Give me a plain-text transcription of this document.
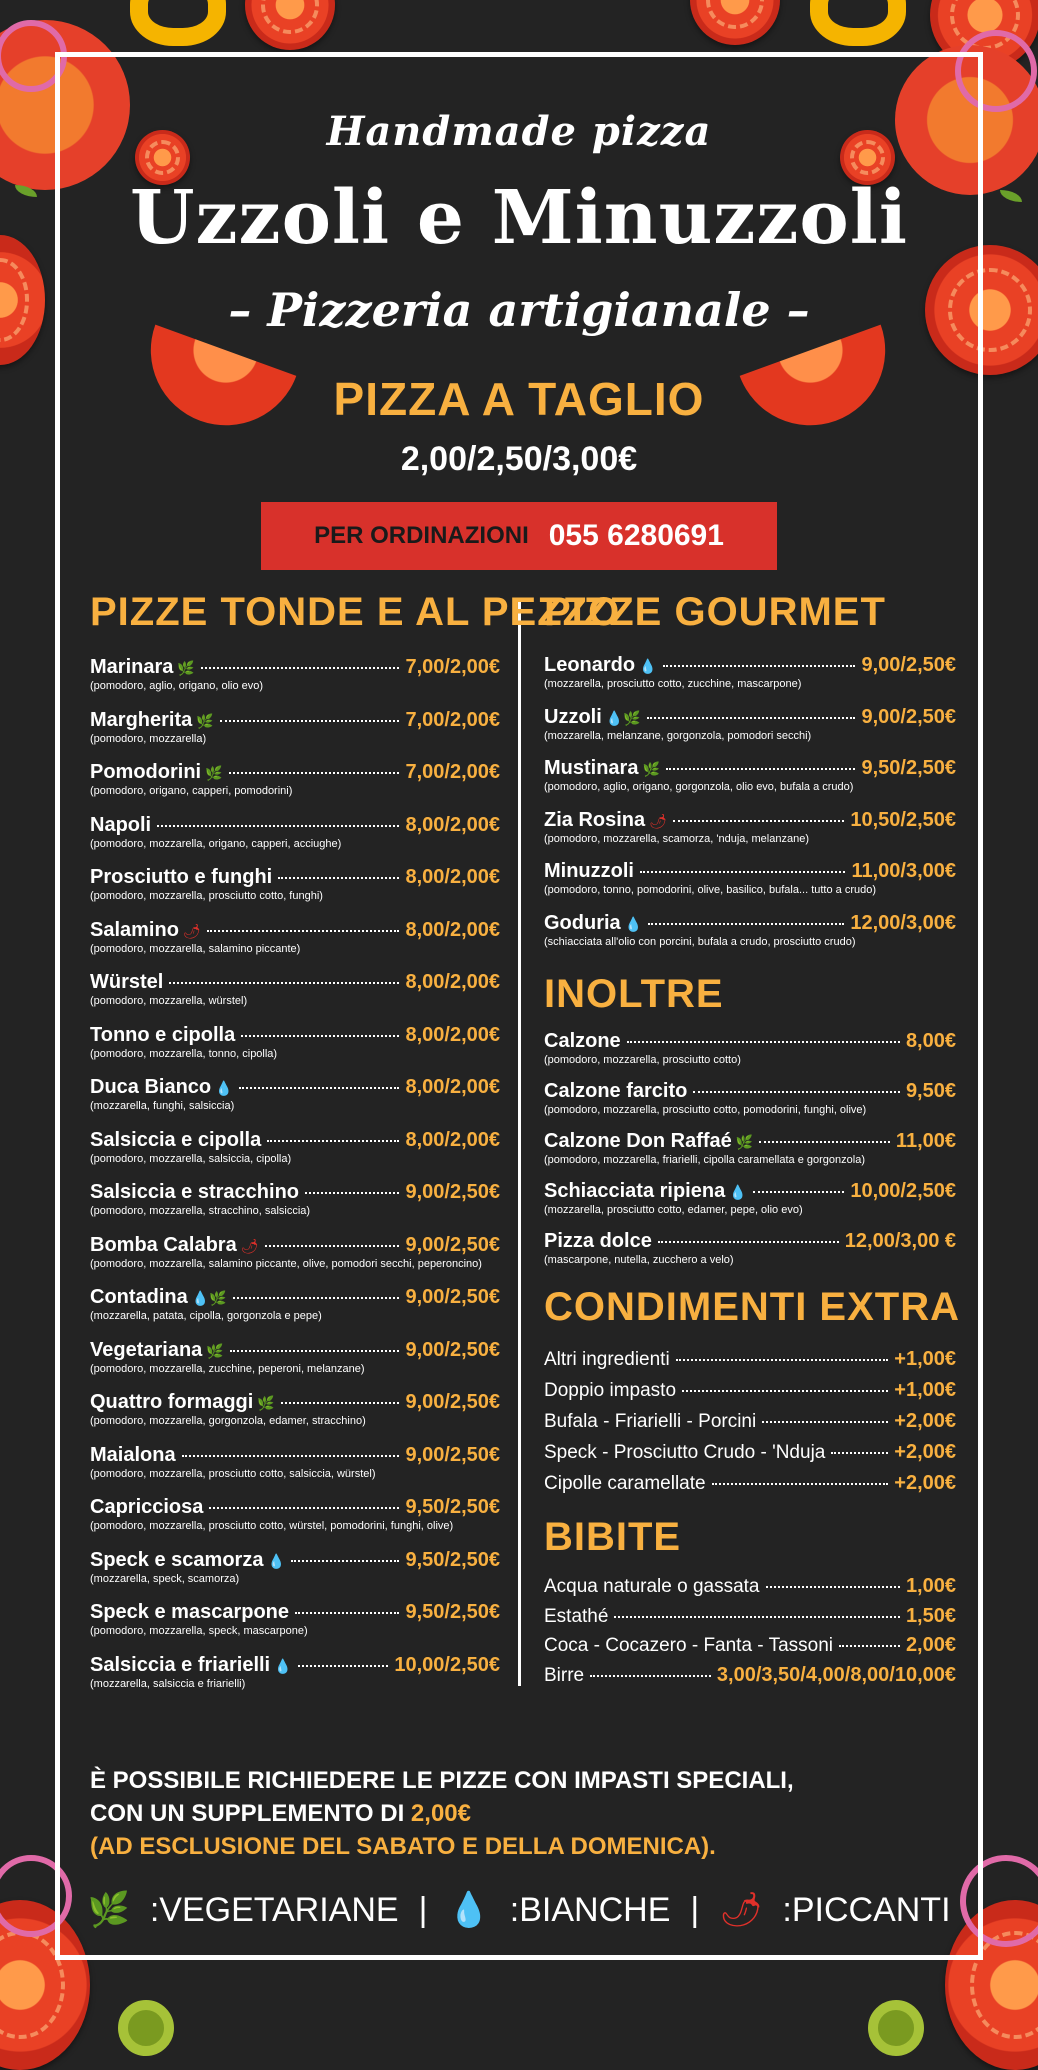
Handmade pizza
Uzzoli e Minuzzoli
– Pizzeria artigianale –
PIZZA A TAGLIO
2,00/2,50/3,00€
PER ORDINAZIONI 055 6280691
PIZZE TONDE E AL PEZZO
Marinara 🌿	7,00/2,00€
(pomodoro, aglio, origano, olio evo)
Margherita 🌿	7,00/2,00€
(pomodoro, mozzarella)
Pomodorini 🌿	7,00/2,00€
(pomodoro, origano, capperi, pomodorini)
Napoli	8,00/2,00€
(pomodoro, mozzarella, origano, capperi, acciughe)
Prosciutto e funghi	8,00/2,00€
(pomodoro, mozzarella, prosciutto cotto, funghi)
Salamino 🌶	8,00/2,00€
(pomodoro, mozzarella, salamino piccante)
Würstel	8,00/2,00€
(pomodoro, mozzarella, würstel)
Tonno e cipolla	8,00/2,00€
(pomodoro, mozzarella, tonno, cipolla)
Duca Bianco 💧	8,00/2,00€
(mozzarella, funghi, salsiccia)
Salsiccia e cipolla	8,00/2,00€
(pomodoro, mozzarella, salsiccia, cipolla)
Salsiccia e stracchino	9,00/2,50€
(pomodoro, mozzarella, stracchino, salsiccia)
Bomba Calabra 🌶	9,00/2,50€
(pomodoro, mozzarella, salamino piccante, olive, pomodori secchi, peperoncino)
Contadina 💧🌿	9,00/2,50€
(mozzarella, patata, cipolla, gorgonzola e pepe)
Vegetariana 🌿	9,00/2,50€
(pomodoro, mozzarella, zucchine, peperoni, melanzane)
Quattro formaggi 🌿	9,00/2,50€
(pomodoro, mozzarella, gorgonzola, edamer, stracchino)
Maialona	9,00/2,50€
(pomodoro, mozzarella, prosciutto cotto, salsiccia, würstel)
Capricciosa	9,50/2,50€
(pomodoro, mozzarella, prosciutto cotto, würstel, pomodorini, funghi, olive)
Speck e scamorza 💧	9,50/2,50€
(mozzarella, speck, scamorza)
Speck e mascarpone	9,50/2,50€
(pomodoro, mozzarella, speck, mascarpone)
Salsiccia e friarielli 💧	10,00/2,50€
(mozzarella, salsiccia e friarielli)
PIZZE GOURMET
Leonardo 💧	9,00/2,50€
(mozzarella, prosciutto cotto, zucchine, mascarpone)
Uzzoli 💧🌿	9,00/2,50€
(mozzarella, melanzane, gorgonzola, pomodori secchi)
Mustinara 🌿	9,50/2,50€
(pomodoro, aglio, origano, gorgonzola, olio evo, bufala a crudo)
Zia Rosina 🌶	10,50/2,50€
(pomodoro, mozzarella, scamorza, 'nduja, melanzane)
Minuzzoli	11,00/3,00€
(pomodoro, tonno, pomodorini, olive, basilico, bufala... tutto a crudo)
Goduria 💧	12,00/3,00€
(schiacciata all'olio con porcini, bufala a crudo, prosciutto crudo)
INOLTRE
Calzone	8,00€
(pomodoro, mozzarella, prosciutto cotto)
Calzone farcito	9,50€
(pomodoro, mozzarella, prosciutto cotto, pomodorini, funghi, olive)
Calzone Don Raffaé 🌿	11,00€
(pomodoro, mozzarella, friarielli, cipolla caramellata e gorgonzola)
Schiacciata ripiena 💧	10,00/2,50€
(mozzarella, prosciutto cotto, edamer, pepe, olio evo)
Pizza dolce	12,00/3,00 €
(mascarpone, nutella, zucchero a velo)
CONDIMENTI EXTRA
Altri ingredienti	+1,00€
Doppio impasto	+1,00€
Bufala - Friarielli - Porcini	+2,00€
Speck - Prosciutto Crudo - 'Nduja	+2,00€
Cipolle caramellate	+2,00€
BIBITE
Acqua naturale o gassata	1,00€
Estathé	1,50€
Coca - Cocazero - Fanta - Tassoni	2,00€
Birre	3,00/3,50/4,00/8,00/10,00€
È POSSIBILE RICHIEDERE LE PIZZE CON IMPASTI SPECIALI,
CON UN SUPPLEMENTO DI 2,00€
(AD ESCLUSIONE DEL SABATO E DELLA DOMENICA).
🌿 :VEGETARIANE | 💧 :BIANCHE | 🌶 :PICCANTI
